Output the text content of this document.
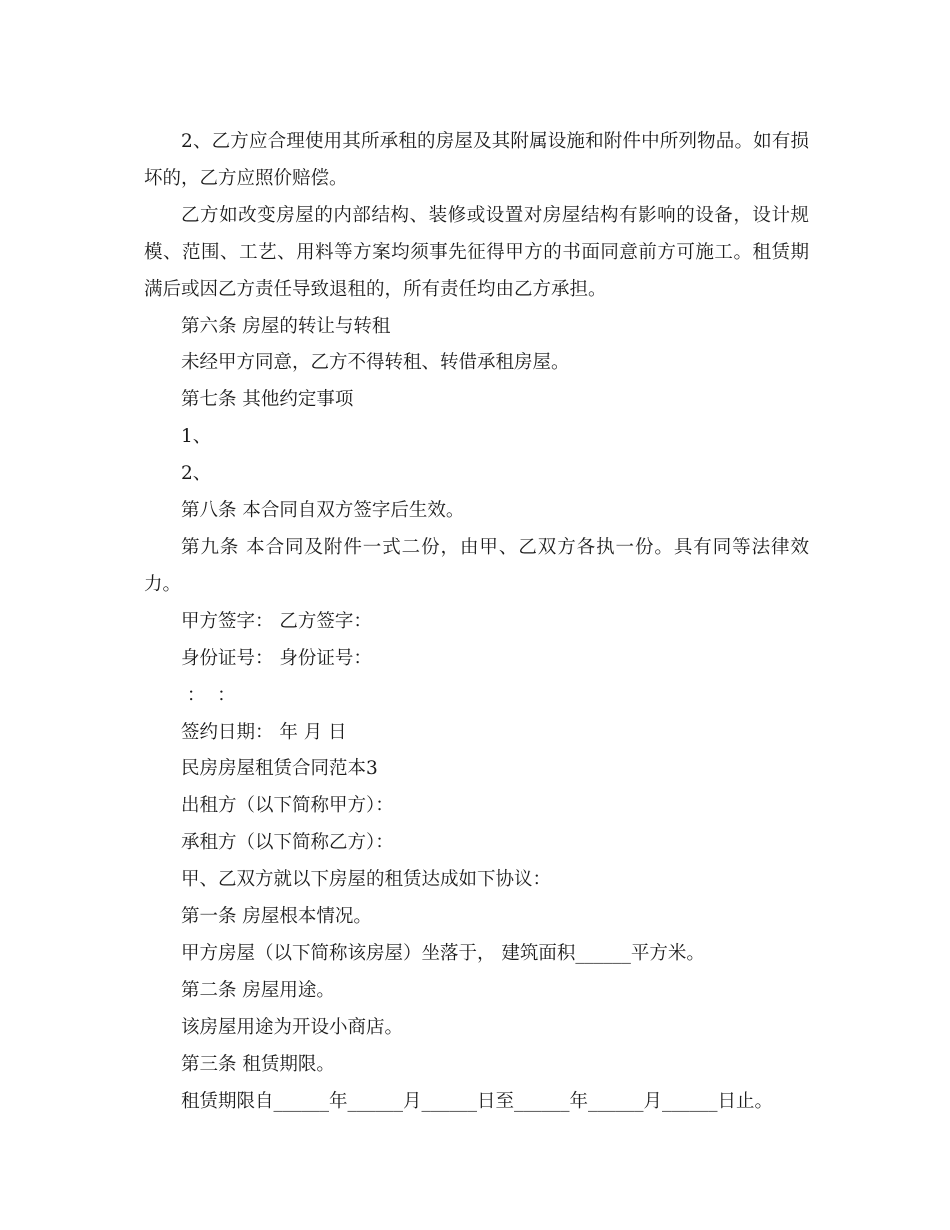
2、乙方应合理使用其所承租的房屋及其附属设施和附件中所列物品。如有损坏的，乙方应照价赔偿。

乙方如改变房屋的内部结构、装修或设置对房屋结构有影响的设备，设计规模、范围、工艺、用料等方案均须事先征得甲方的书面同意前方可施工。租赁期满后或因乙方责任导致退租的，所有责任均由乙方承担。

第六条 房屋的转让与转租

未经甲方同意，乙方不得转租、转借承租房屋。

第七条 其他约定事项

1、

2、

第八条 本合同自双方签字后生效。

第九条 本合同及附件一式二份，由甲、乙双方各执一份。具有同等法律效力。

甲方签字： 乙方签字：

身份证号： 身份证号：

：  ：

签约日期： 年 月 日

民房房屋租赁合同范本3

出租方（以下简称甲方）：

承租方（以下简称乙方）：

甲、乙双方就以下房屋的租赁达成如下协议：

第一条 房屋根本情况。

甲方房屋（以下简称该房屋）坐落于， 建筑面积______平方米。

第二条 房屋用途。

该房屋用途为开设小商店。

第三条 租赁期限。

租赁期限自______年______月______日至______年______月______日止。
